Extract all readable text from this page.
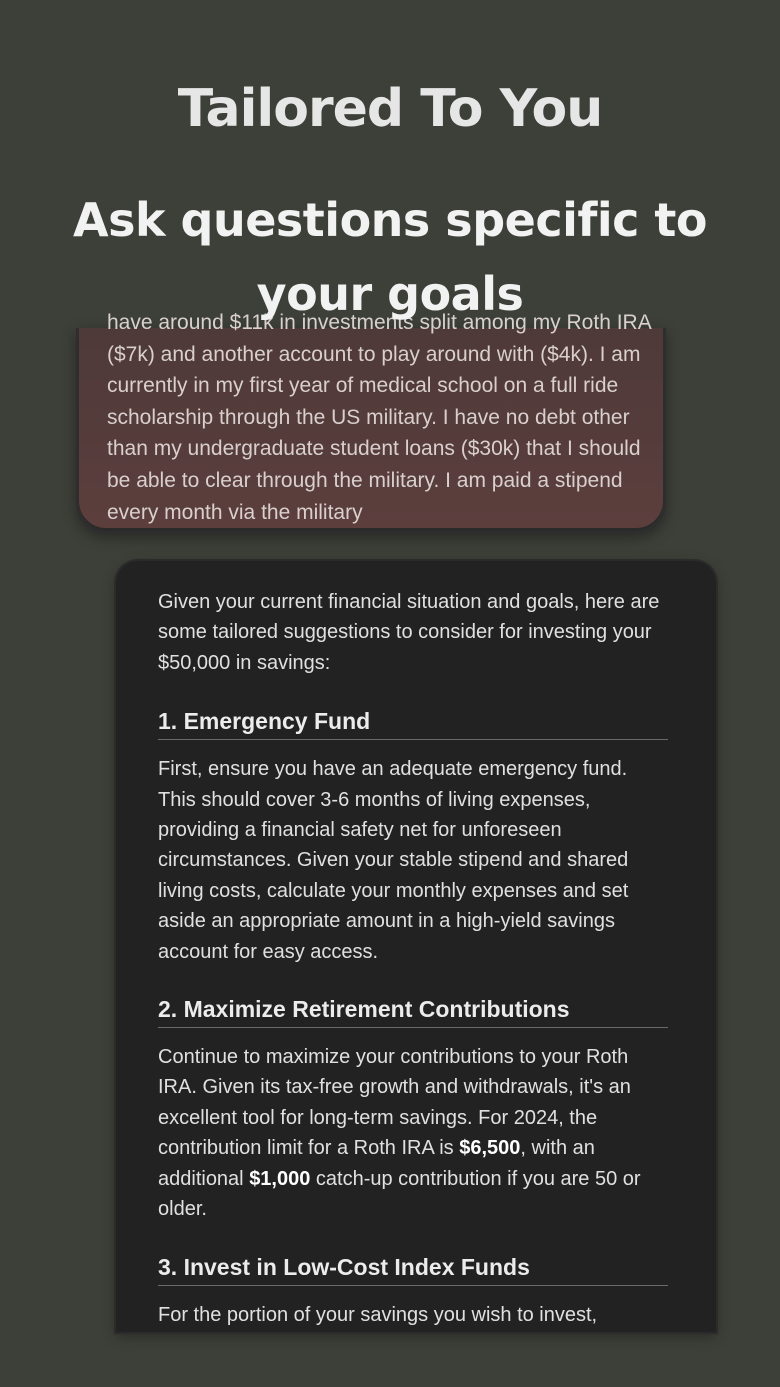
Tailored To You
Ask questions specific to your goals

have around $11k in investments split among my Roth IRA ($7k) and another account to play around with ($4k). I am currently in my first year of medical school on a full ride scholarship through the US military. I have no debt other than my undergraduate student loans ($30k) that I should be able to clear through the military. I am paid a stipend every month via the military

Given your current financial situation and goals, here are some tailored suggestions to consider for investing your $50,000 in savings:

1. Emergency Fund

First, ensure you have an adequate emergency fund. This should cover 3-6 months of living expenses, providing a financial safety net for unforeseen circumstances. Given your stable stipend and shared living costs, calculate your monthly expenses and set aside an appropriate amount in a high-yield savings account for easy access.

2. Maximize Retirement Contributions

Continue to maximize your contributions to your Roth IRA. Given its tax-free growth and withdrawals, it's an excellent tool for long-term savings. For 2024, the contribution limit for a Roth IRA is $6,500, with an additional $1,000 catch-up contribution if you are 50 or older.

3. Invest in Low-Cost Index Funds

For the portion of your savings you wish to invest,
